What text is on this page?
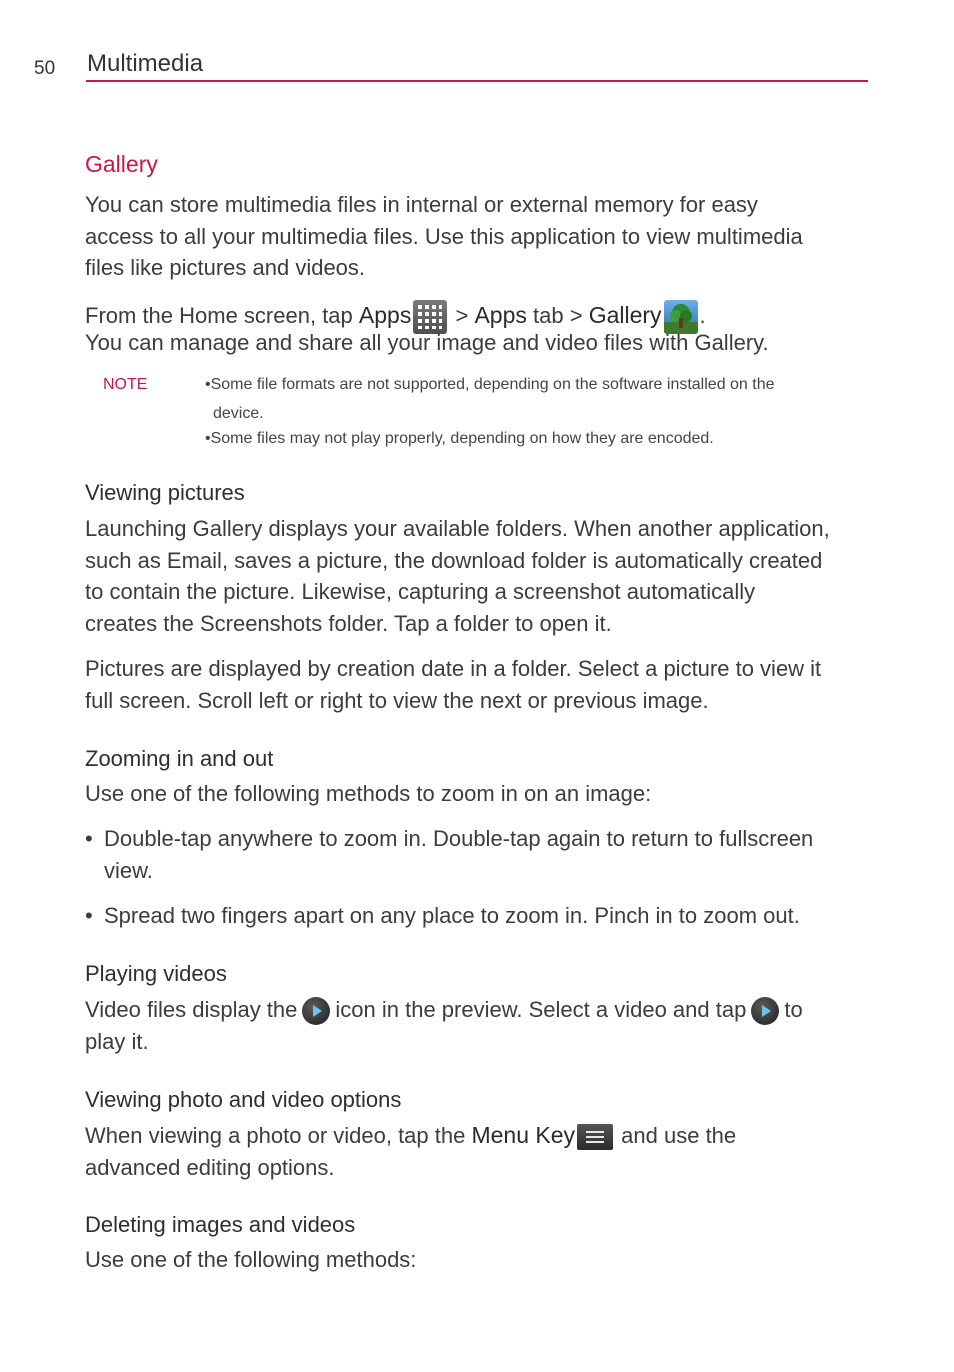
50 Multimedia
Gallery
You can store multimedia files in internal or external memory for easy
access to all your multimedia files. Use this application to view multimedia
files like pictures and videos.
From the Home screen, tap Apps > Apps tab > Gallery .
You can manage and share all your image and video files with Gallery.
NOTE	•Some file formats are not supported, depending on the software installed on the
device.
•Some files may not play properly, depending on how they are encoded.
Viewing pictures
Launching Gallery displays your available folders. When another application,
such as Email, saves a picture, the download folder is automatically created
to contain the picture. Likewise, capturing a screenshot automatically
creates the Screenshots folder. Tap a folder to open it.
Pictures are displayed by creation date in a folder. Select a picture to view it
full screen. Scroll left or right to view the next or previous image.
Zooming in and out
Use one of the following methods to zoom in on an image:
• Double-tap anywhere to zoom in. Double-tap again to return to fullscreen
view.
• Spread two fingers apart on any place to zoom in. Pinch in to zoom out.
Playing videos
Video files display the icon in the preview. Select a video and tap to
play it.
Viewing photo and video options
When viewing a photo or video, tap the Menu Key and use the
advanced editing options.
Deleting images and videos
Use one of the following methods:
